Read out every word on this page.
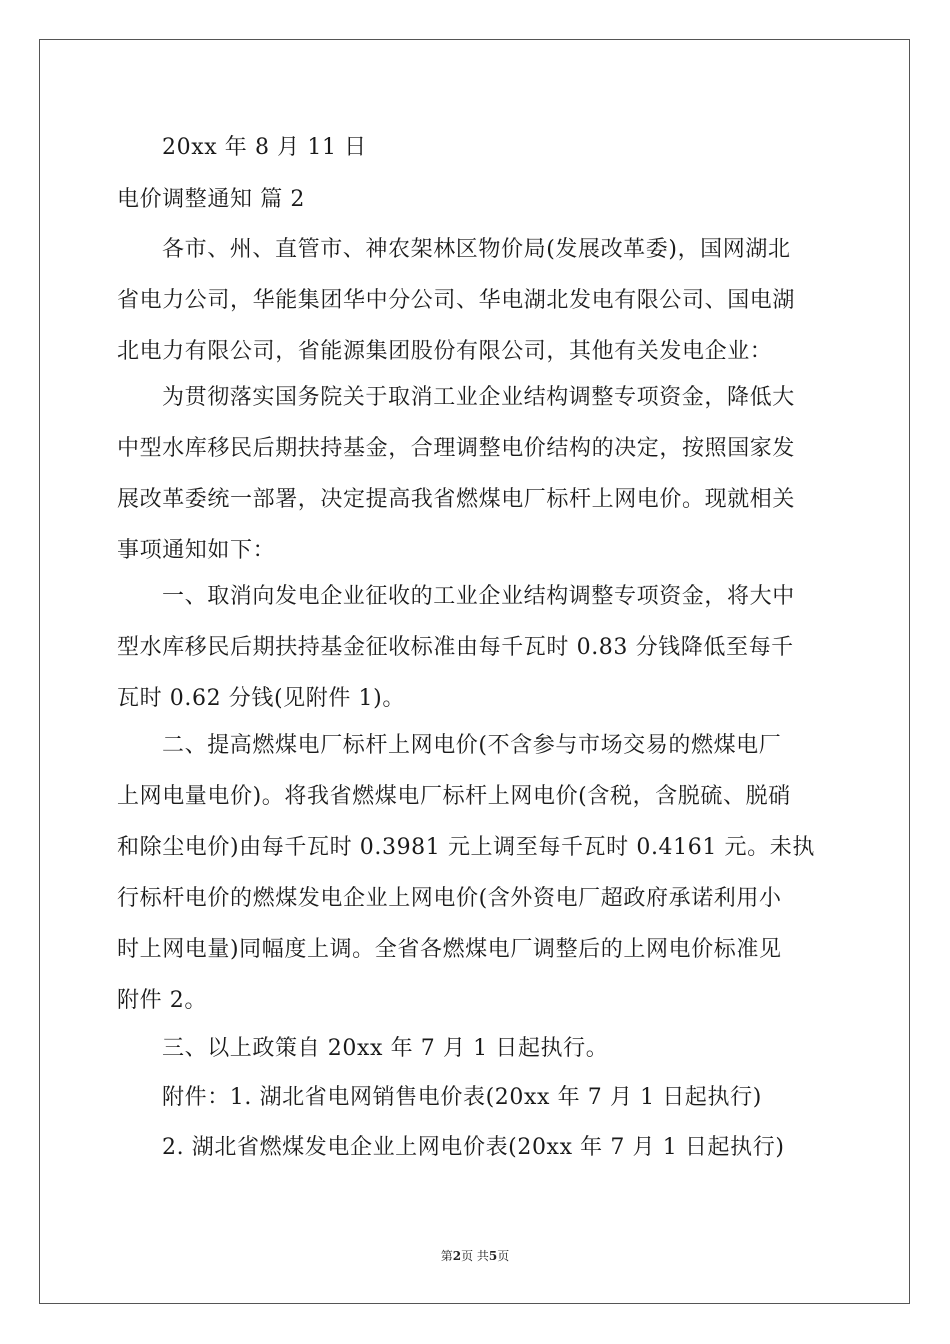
20xx 年 8 月 11 日
电价调整通知 篇 2
各市、州、直管市、神农架林区物价局(发展改革委)，国网湖北
省电力公司，华能集团华中分公司、华电湖北发电有限公司、国电湖
北电力有限公司，省能源集团股份有限公司，其他有关发电企业：
为贯彻落实国务院关于取消工业企业结构调整专项资金，降低大
中型水库移民后期扶持基金，合理调整电价结构的决定，按照国家发
展改革委统一部署，决定提高我省燃煤电厂标杆上网电价。现就相关
事项通知如下：
一、取消向发电企业征收的工业企业结构调整专项资金，将大中
型水库移民后期扶持基金征收标准由每千瓦时 0.83 分钱降低至每千
瓦时 0.62 分钱(见附件 1)。
二、提高燃煤电厂标杆上网电价(不含参与市场交易的燃煤电厂
上网电量电价)。将我省燃煤电厂标杆上网电价(含税，含脱硫、脱硝
和除尘电价)由每千瓦时 0.3981 元上调至每千瓦时 0.4161 元。未执
行标杆电价的燃煤发电企业上网电价(含外资电厂超政府承诺利用小
时上网电量)同幅度上调。全省各燃煤电厂调整后的上网电价标准见
附件 2。
三、以上政策自 20xx 年 7 月 1 日起执行。
附件：1. 湖北省电网销售电价表(20xx 年 7 月 1 日起执行)
2. 湖北省燃煤发电企业上网电价表(20xx 年 7 月 1 日起执行)
第2页 共5页
